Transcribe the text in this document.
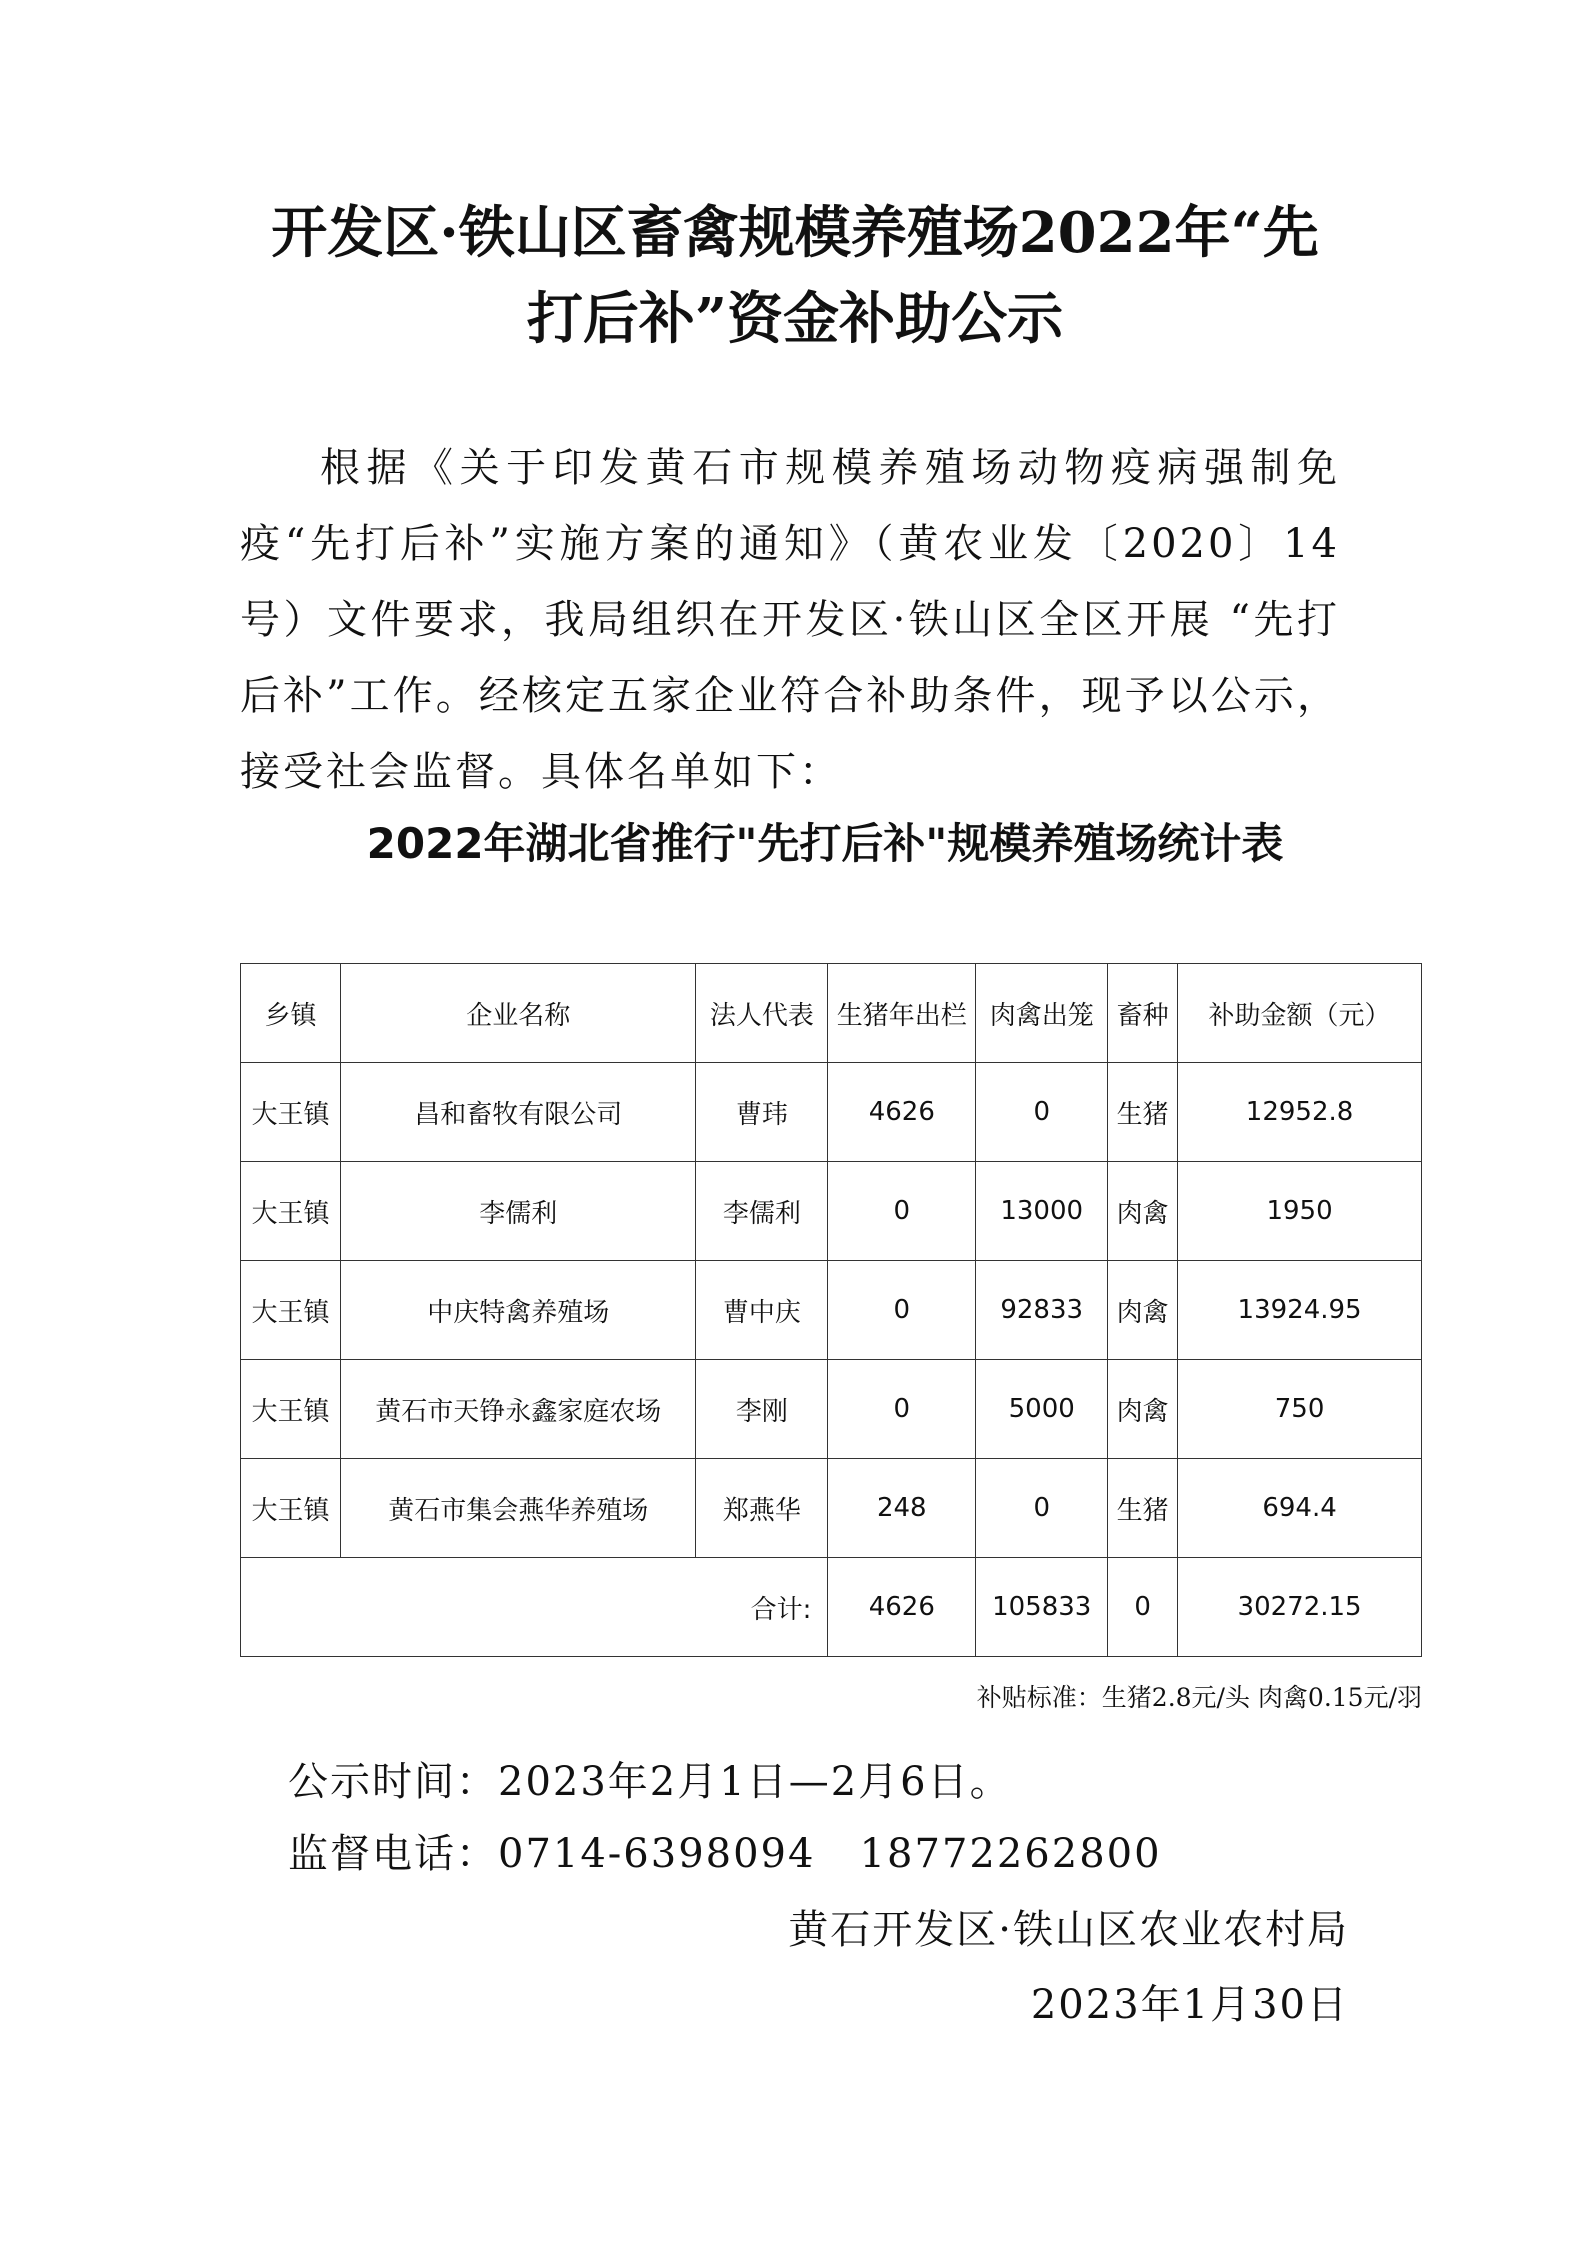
开发区·铁山区畜禽规模养殖场2022年“先
打后补”资金补助公示

根据《关于印发黄石市规模养殖场动物疫病强制免疫“先打后补”实施方案的通知》（黄农业发〔2020〕14号）文件要求，我局组织在开发区·铁山区全区开展 “先打后补”工作。经核定五家企业符合补助条件，现予以公示，接受社会监督。具体名单如下：

2022年湖北省推行"先打后补"规模养殖场统计表
乡镇	企业名称	法人代表	生猪年出栏	肉禽出笼	畜种	补助金额（元）
大王镇	昌和畜牧有限公司	曹玮	4626	0	生猪	12952.8
大王镇	李儒利	李儒利	0	13000	肉禽	1950
大王镇	中庆特禽养殖场	曹中庆	0	92833	肉禽	13924.95
大王镇	黄石市天铮永鑫家庭农场	李刚	0	5000	肉禽	750
大王镇	黄石市集会燕华养殖场	郑燕华	248	0	生猪	694.4
合计:			4626	105833	0	30272.15

补贴标准：生猪2.8元/头 肉禽0.15元/羽

公示时间：2023年2月1日—2月6日。

监督电话：0714-6398094   18772262800

黄石开发区·铁山区农业农村局

2023年1月30日
